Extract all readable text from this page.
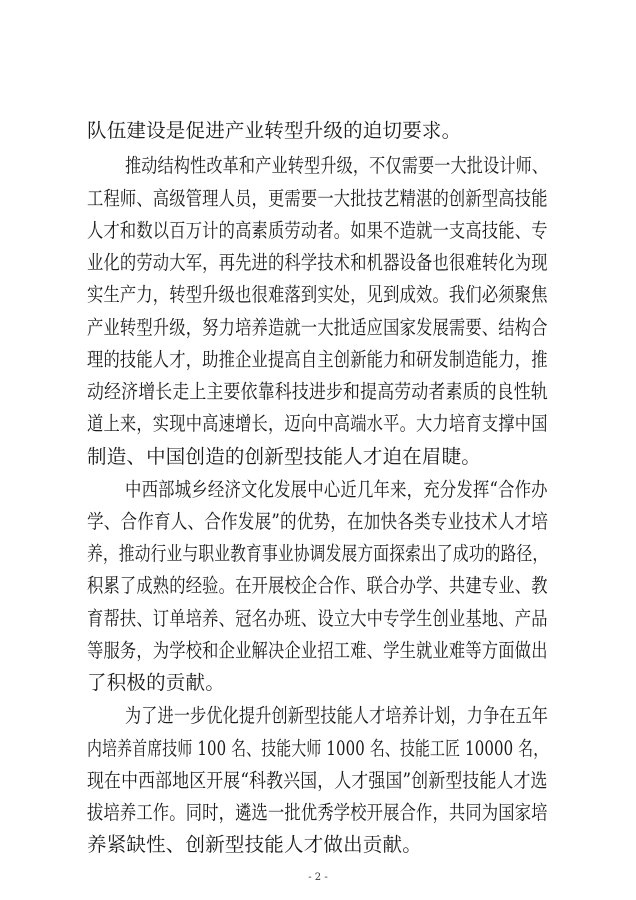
队伍建设是促进产业转型升级的迫切要求。
推动结构性改革和产业转型升级，不仅需要一大批设计师、
工程师、高级管理人员，更需要一大批技艺精湛的创新型高技能
人才和数以百万计的高素质劳动者。如果不造就一支高技能、专
业化的劳动大军，再先进的科学技术和机器设备也很难转化为现
实生产力，转型升级也很难落到实处，见到成效。我们必须聚焦
产业转型升级，努力培养造就一大批适应国家发展需要、结构合
理的技能人才，助推企业提高自主创新能力和研发制造能力，推
动经济增长走上主要依靠科技进步和提高劳动者素质的良性轨
道上来，实现中高速增长，迈向中高端水平。大力培育支撑中国
制造、中国创造的创新型技能人才迫在眉睫。
中西部城乡经济文化发展中心近几年来，充分发挥“合作办
学、合作育人、合作发展”的优势，在加快各类专业技术人才培
养，推动行业与职业教育事业协调发展方面探索出了成功的路径，
积累了成熟的经验。在开展校企合作、联合办学、共建专业、教
育帮扶、订单培养、冠名办班、设立大中专学生创业基地、产品
等服务，为学校和企业解决企业招工难、学生就业难等方面做出
了积极的贡献。
为了进一步优化提升创新型技能人才培养计划，力争在五年
内培养首席技师 100 名、技能大师 1000 名、技能工匠 10000 名，
现在中西部地区开展“科教兴国，人才强国”创新型技能人才选
拔培养工作。同时，遴选一批优秀学校开展合作，共同为国家培
养紧缺性、创新型技能人才做出贡献。
- 2 -
